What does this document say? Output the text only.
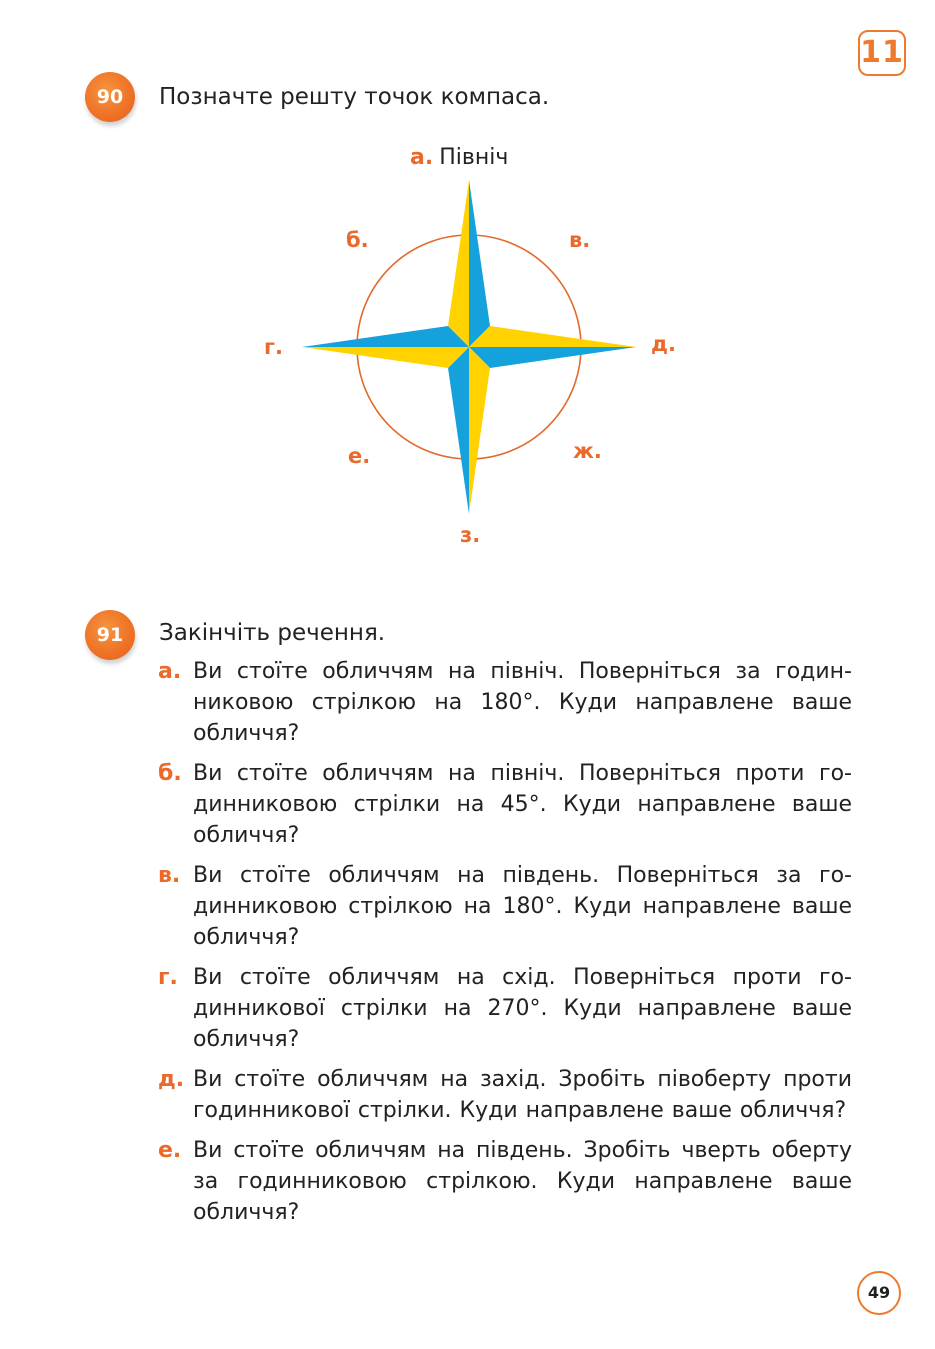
11
90	Позначте решту точок компаса.
а. Північ
б.	в.
г.	д.
е.	ж.
з.
91	Закінчіть речення.
а. Ви стоїте обличчям на північ. Поверніться за годинниковою стрілкою на 180°. Куди направлене ваше обличчя?
б. Ви стоїте обличчям на північ. Поверніться проти годинниковою стрілки на 45°. Куди направлене ваше обличчя?
в. Ви стоїте обличчям на південь. Поверніться за годинниковою стрілкою на 180°. Куди направлене ваше обличчя?
г. Ви стоїте обличчям на схід. Поверніться проти годинникової стрілки на 270°. Куди направлене ваше обличчя?
д. Ви стоїте обличчям на захід. Зробіть півоберту проти годинникової стрілки. Куди направлене ваше обличчя?
е. Ви стоїте обличчям на південь. Зробіть чверть оберту за годинниковою стрілкою. Куди направлене ваше обличчя?
49
